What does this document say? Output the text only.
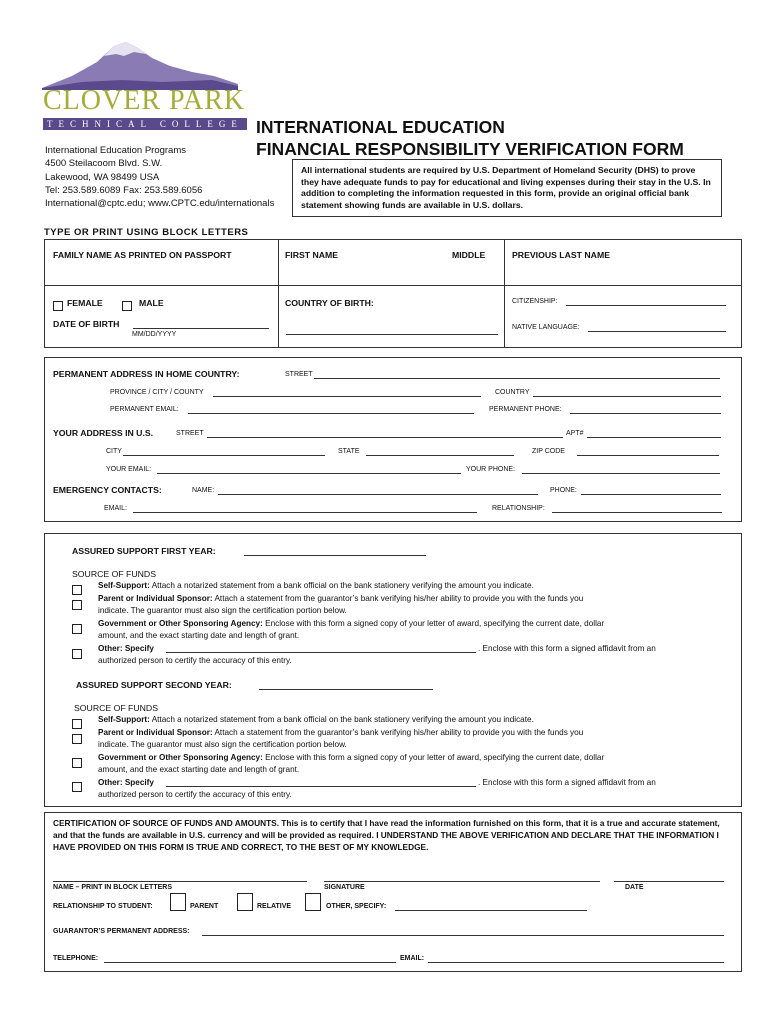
CLOVER PARK
TECHNICAL COLLEGE INTERNATIONAL EDUCATION
FINANCIAL RESPONSIBILITY VERIFICATION FORM
International Education Programs
4500 Steilacoom Blvd. S.W.
Lakewood, WA 98499 USA
Tel: 253.589.6089 Fax: 253.589.6056
International@cptc.edu; www.CPTC.edu/internationals
All international students are required by U.S. Department of Homeland Security (DHS) to prove they have adequate funds to pay for educational and living expenses during their stay in the U.S. In addition to completing the information requested in this form, provide an original official bank statement showing funds are available in U.S. dollars.
TYPE OR PRINT USING BLOCK LETTERS
FAMILY NAME AS PRINTED ON PASSPORT	FIRST NAME	MIDDLE	PREVIOUS LAST NAME
FEMALE	MALE	COUNTRY OF BIRTH:	CITIZENSHIP:
DATE OF BIRTH
MM/DD/YYYY
NATIVE LANGUAGE:
PERMANENT ADDRESS IN HOME COUNTRY:	STREET
PROVINCE / CITY / COUNTY	COUNTRY
PERMANENT EMAIL:	PERMANENT PHONE:
YOUR ADDRESS IN U.S.	STREET	APT#
CITY	STATE	ZIP CODE
YOUR EMAIL:	YOUR PHONE:
EMERGENCY CONTACTS:	NAME:	PHONE:
EMAIL:	RELATIONSHIP:
ASSURED SUPPORT FIRST YEAR:
SOURCE OF FUNDS
Self-Support: Attach a notarized statement from a bank official on the bank stationery verifying the amount you indicate.
Parent or Individual Sponsor: Attach a statement from the guarantor’s bank verifying his/her ability to provide you with the funds you
indicate. The guarantor must also sign the certification portion below.
Government or Other Sponsoring Agency: Enclose with this form a signed copy of your letter of award, specifying the current date, dollar
amount, and the exact starting date and length of grant.
Other: Specify	. Enclose with this form a signed affidavit from an
authorized person to certify the accuracy of this entry.
ASSURED SUPPORT SECOND YEAR:
SOURCE OF FUNDS
Self-Support: Attach a notarized statement from a bank official on the bank stationery verifying the amount you indicate.
Parent or Individual Sponsor: Attach a statement from the guarantor’s bank verifying his/her ability to provide you with the funds you
indicate. The guarantor must also sign the certification portion below.
Government or Other Sponsoring Agency: Enclose with this form a signed copy of your letter of award, specifying the current date, dollar
amount, and the exact starting date and length of grant.
Other: Specify	. Enclose with this form a signed affidavit from an
authorized person to certify the accuracy of this entry.
CERTIFICATION OF SOURCE OF FUNDS AND AMOUNTS. This is to certify that I have read the information furnished on this form, that it is a true and accurate statement, and that the funds are available in U.S. currency and will be provided as required. I UNDERSTAND THE ABOVE VERIFICATION AND DECLARE THAT THE INFORMATION I HAVE PROVIDED ON THIS FORM IS TRUE AND CORRECT, TO THE BEST OF MY KNOWLEDGE.
NAME – PRINT IN BLOCK LETTERS	SIGNATURE	DATE
RELATIONSHIP TO STUDENT:	PARENT	RELATIVE	OTHER, SPECIFY:
GUARANTOR’S PERMANENT ADDRESS:
TELEPHONE:	EMAIL:
